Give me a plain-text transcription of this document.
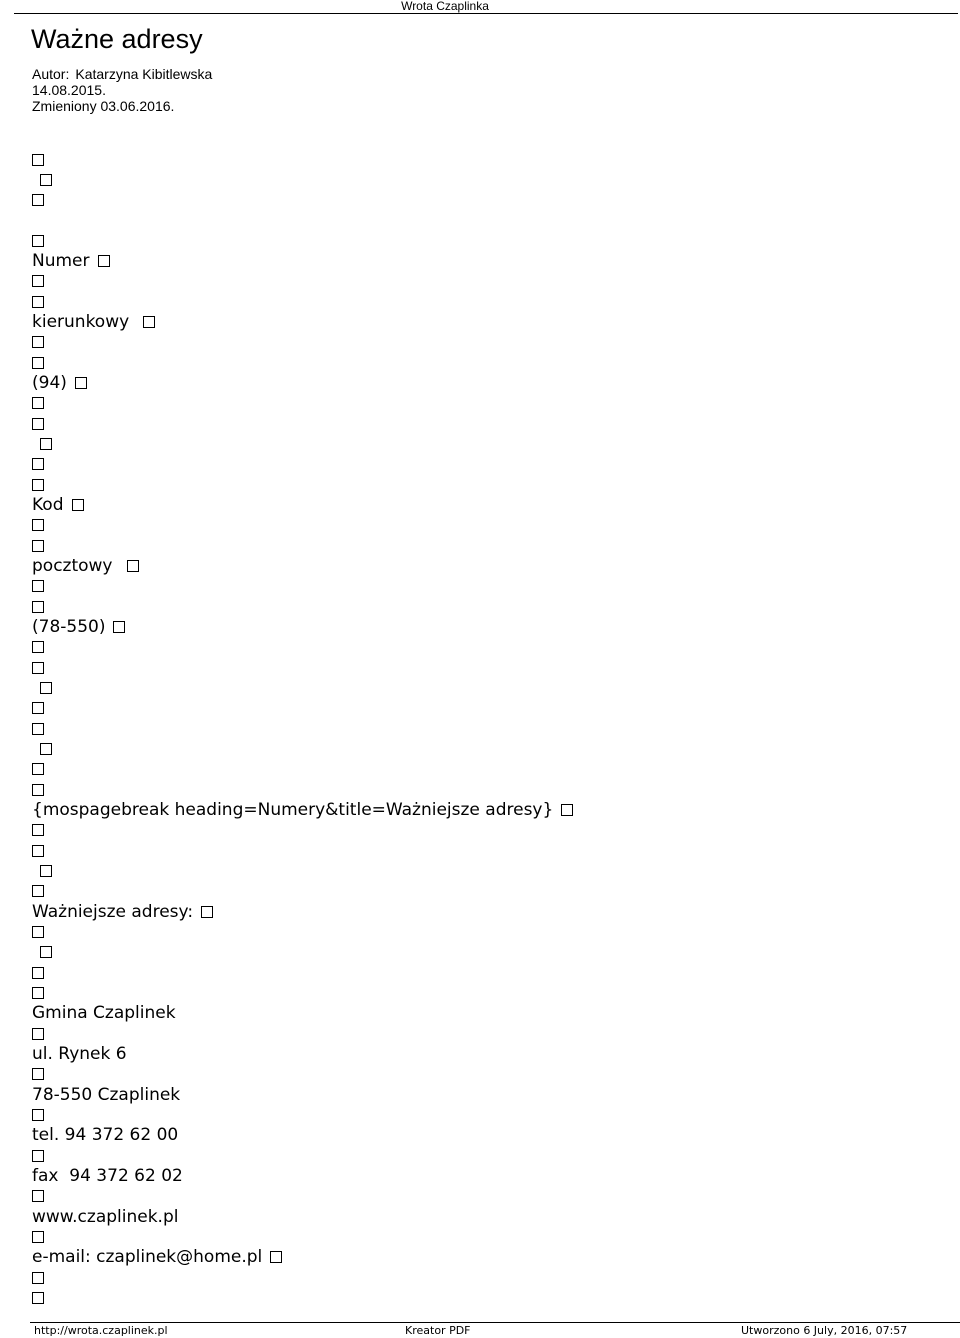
Wrota Czaplinka
Ważne adresy
Autor: Katarzyna Kibitlewska
14.08.2015.
Zmieniony 03.06.2016.
Numer
kierunkowy
(94)
Kod
pocztowy
(78-550)
{mospagebreak heading=Numery&title=Ważniejsze adresy}
Ważniejsze adresy:
Gmina Czaplinek
ul. Rynek 6
78-550 Czaplinek
tel. 94 372 62 00
fax  94 372 62 02
www.czaplinek.pl
e-mail: czaplinek@home.pl
http://wrota.czaplinek.pl	Kreator PDF	Utworzono 6 July, 2016, 07:57
